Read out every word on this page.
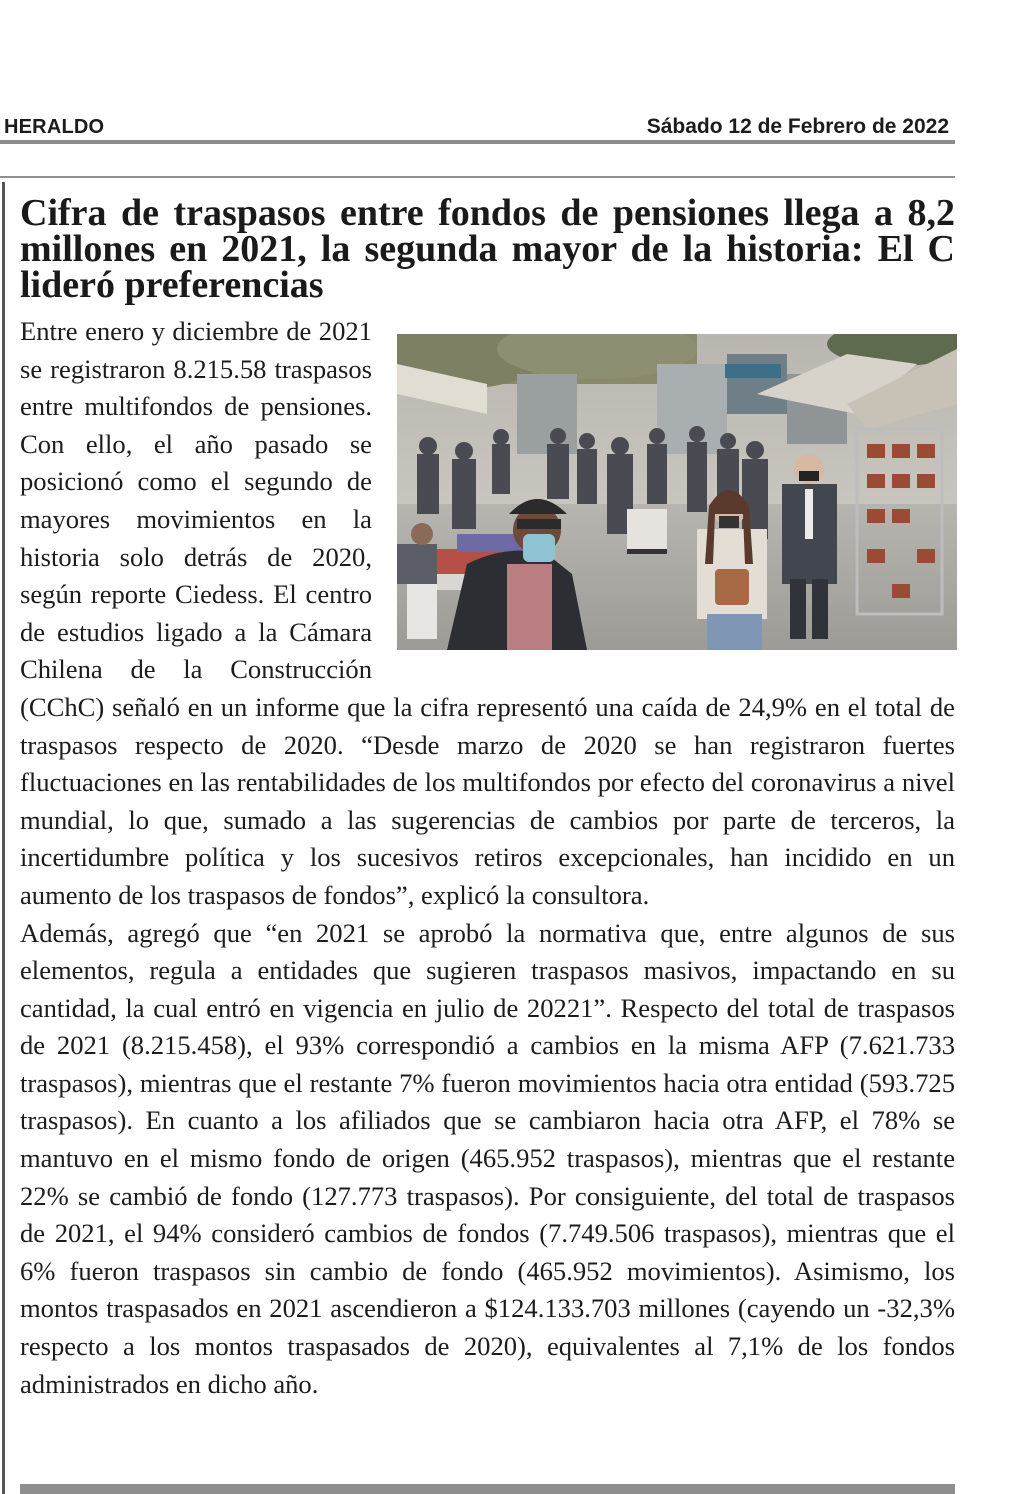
HERALDO	Sábado 12 de Febrero de 2022
Cifra de traspasos entre fondos de pensiones llega a 8,2 millones en 2021, la segunda mayor de la historia: El C lideró preferencias

Entre enero y diciembre de 2021 se registraron 8.215.58 traspasos entre multifondos de pensiones. Con ello, el año pasado se posicionó como el segundo de mayores movimientos en la historia solo detrás de 2020, según reporte Ciedess. El centro de estudios ligado a la Cámara Chilena de la Construcción (CChC) señaló en un informe que la cifra representó una caída de 24,9% en el total de traspasos respecto de 2020. “Desde marzo de 2020 se han registraron fuertes fluctuaciones en las rentabilidades de los multifondos por efecto del coronavirus a nivel mundial, lo que, sumado a las sugerencias de cambios por parte de terceros, la incertidumbre política y los sucesivos retiros excepcionales, han incidido en un aumento de los traspasos de fondos”, explicó la consultora.

Además, agregó que “en 2021 se aprobó la normativa que, entre algunos de sus elementos, regula a entidades que sugieren traspasos masivos, impactando en su cantidad, la cual entró en vigencia en julio de 20221”. Respecto del total de traspasos de 2021 (8.215.458), el 93% correspondió a cambios en la misma AFP (7.621.733 traspasos), mientras que el restante 7% fueron movimientos hacia otra entidad (593.725 traspasos). En cuanto a los afiliados que se cambiaron hacia otra AFP, el 78% se mantuvo en el mismo fondo de origen (465.952 traspasos), mientras que el restante 22% se cambió de fondo (127.773 traspasos). Por consiguiente, del total de traspasos de 2021, el 94% consideró cambios de fondos (7.749.506 traspasos), mientras que el 6% fueron traspasos sin cambio de fondo (465.952 movimientos). Asimismo, los montos traspasados en 2021 ascendieron a $124.133.703 millones (cayendo un -32,3% respecto a los montos traspasados de 2020), equivalentes al 7,1% de los fondos administrados en dicho año.
